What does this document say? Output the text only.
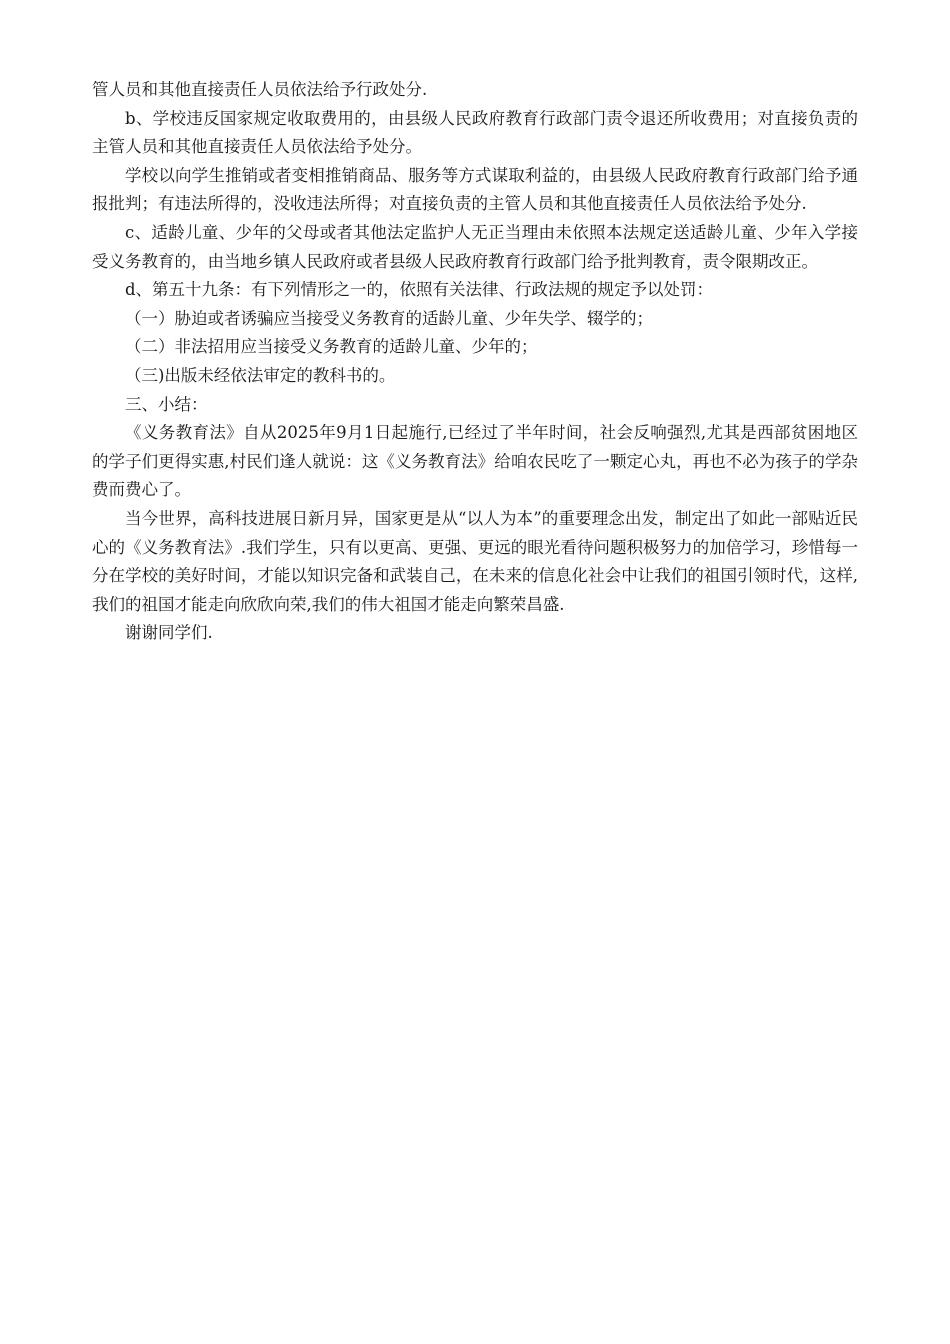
管人员和其他直接责任人员依法给予行政处分.

b、学校违反国家规定收取费用的，由县级人民政府教育行政部门责令退还所收费用；对直接负责的主管人员和其他直接责任人员依法给予处分。

学校以向学生推销或者变相推销商品、服务等方式谋取利益的，由县级人民政府教育行政部门给予通报批判；有违法所得的，没收违法所得；对直接负责的主管人员和其他直接责任人员依法给予处分.

c、适龄儿童、少年的父母或者其他法定监护人无正当理由未依照本法规定送适龄儿童、少年入学接受义务教育的，由当地乡镇人民政府或者县级人民政府教育行政部门给予批判教育，责令限期改正。

d、第五十九条：有下列情形之一的，依照有关法律、行政法规的规定予以处罚：

（一）胁迫或者诱骗应当接受义务教育的适龄儿童、少年失学、辍学的；

（二）非法招用应当接受义务教育的适龄儿童、少年的；

（三)出版未经依法审定的教科书的。

三、小结：

《义务教育法》自从2025年9月1日起施行,已经过了半年时间，社会反响强烈,尤其是西部贫困地区的学子们更得实惠,村民们逢人就说：这《义务教育法》给咱农民吃了一颗定心丸，再也不必为孩子的学杂费而费心了。

当今世界，高科技进展日新月异，国家更是从“以人为本”的重要理念出发，制定出了如此一部贴近民心的《义务教育法》.我们学生，只有以更高、更强、更远的眼光看待问题积极努力的加倍学习，珍惜每一分在学校的美好时间，才能以知识完备和武装自己，在未来的信息化社会中让我们的祖国引领时代，这样,我们的祖国才能走向欣欣向荣,我们的伟大祖国才能走向繁荣昌盛.

谢谢同学们.
